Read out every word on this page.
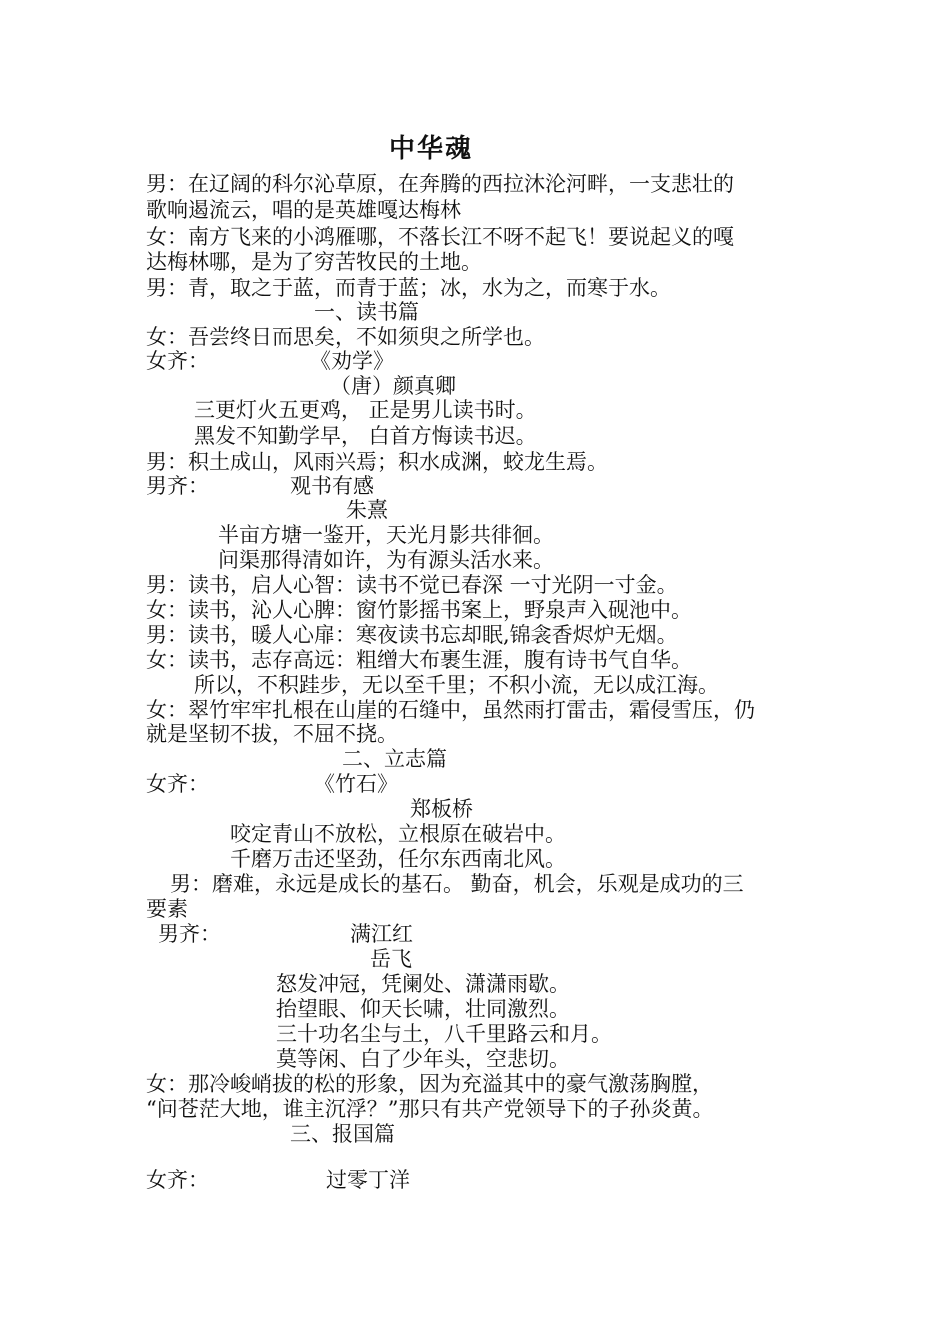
中华魂
男：在辽阔的科尔沁草原，在奔腾的西拉沐沦河畔，一支悲壮的
歌响遏流云，唱的是英雄嘎达梅林
女：南方飞来的小鸿雁哪，不落长江不呀不起飞！要说起义的嘎
达梅林哪，是为了穷苦牧民的土地。
男：青，取之于蓝，而青于蓝；冰，水为之，而寒于水。
一、读书篇
女：吾尝终日而思矣，不如须臾之所学也。
女齐：	《劝学》
（唐）颜真卿
三更灯火五更鸡， 正是男儿读书时。
黑发不知勤学早， 白首方悔读书迟。
男：积土成山，风雨兴焉；积水成渊，蛟龙生焉。
男齐：	观书有感
朱熹
半亩方塘一鉴开，天光月影共徘徊。
问渠那得清如许，为有源头活水来。
男：读书，启人心智：读书不觉已春深 一寸光阴一寸金。
女：读书，沁人心脾：窗竹影摇书案上，野泉声入砚池中。
男：读书，暖人心扉：寒夜读书忘却眠,锦衾香烬炉无烟。
女：读书，志存高远：粗缯大布裹生涯，腹有诗书气自华。
所以，不积跬步，无以至千里；不积小流，无以成江海。
女：翠竹牢牢扎根在山崖的石缝中，虽然雨打雷击，霜侵雪压，仍
就是坚韧不拔，不屈不挠。
二、立志篇
女齐：	《竹石》
郑板桥
咬定青山不放松，立根原在破岩中。
千磨万击还坚劲，任尔东西南北风。
男：磨难，永远是成长的基石。 勤奋，机会，乐观是成功的三
要素
男齐：	满江红
岳飞
怒发冲冠，凭阑处、潇潇雨歇。
抬望眼、仰天长啸，壮同激烈。
三十功名尘与土，八千里路云和月。
莫等闲、白了少年头，空悲切。
女：那冷峻峭拔的松的形象，因为充溢其中的豪气激荡胸膛，
“问苍茫大地，谁主沉浮？”那只有共产党领导下的子孙炎黄。
三、报国篇
女齐：	过零丁洋
